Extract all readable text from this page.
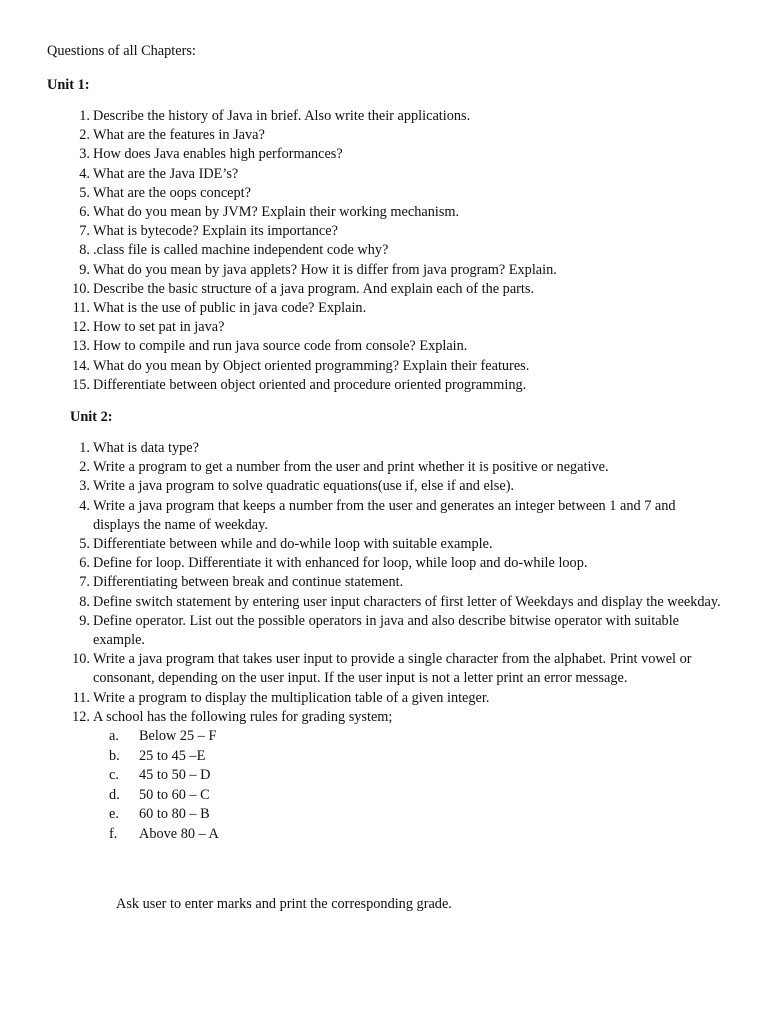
Questions of all Chapters:
Unit 1:
1. Describe the history of Java in brief. Also write their applications.
2. What are the features in Java?
3. How does Java enables high performances?
4. What are the Java IDE’s?
5. What are the oops concept?
6. What do you mean by JVM? Explain their working mechanism.
7. What is bytecode? Explain its importance?
8. .class file is called machine independent code why?
9. What do you mean by java applets? How it is differ from java program? Explain.
10. Describe the basic structure of a java program. And explain each of the parts.
11. What is the use of public in java code? Explain.
12. How to set pat in java?
13. How to compile and run java source code from console? Explain.
14. What do you mean by Object oriented programming? Explain their features.
15. Differentiate between object oriented and procedure oriented programming.
Unit 2:
1. What is data type?
2. Write a program to get a number from the user and print whether it is positive or negative.
3. Write a java program to solve quadratic equations(use if, else if and else).
4. Write a java program that keeps a number from the user and generates an integer between 1 and 7 and displays the name of weekday.
5. Differentiate between while and do-while loop with suitable example.
6. Define for loop. Differentiate it with enhanced for loop, while loop and do-while loop.
7. Differentiating between break and continue statement.
8. Define switch statement by entering user input characters of first letter of Weekdays and display the weekday.
9. Define operator. List out the possible operators in java and also describe bitwise operator with suitable example.
10. Write a java program that takes user input to provide a single character from the alphabet. Print vowel or consonant, depending on the user input. If the user input is not a letter print an error message.
11. Write a program to display the multiplication table of a given integer.
12. A school has the following rules for grading system;
a.	Below 25 – F
b.	25 to 45 –E
c.	45 to 50 – D
d.	50 to 60 – C
e.	60 to 80 – B
f.	Above 80 – A
Ask user to enter marks and print the corresponding grade.
